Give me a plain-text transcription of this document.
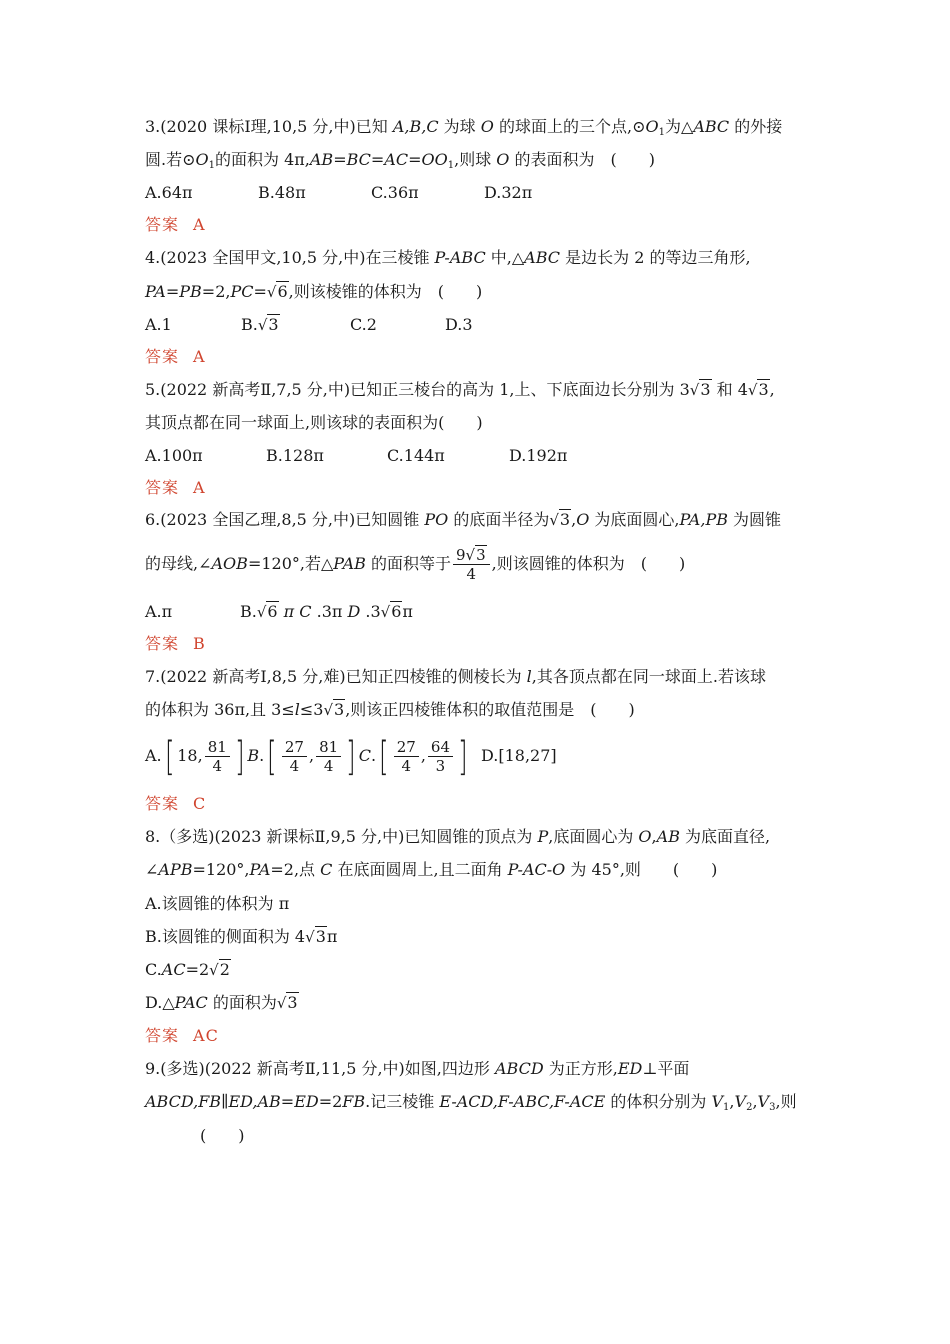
3.(2020 课标Ⅰ理,10,5 分,中)已知 A,B,C 为球 O 的球面上的三个点$,⊙O_1$为△ABC 的外接
圆.若$⊙O_1$的面积为 $4\pi,AB=BC=AC=OO_1$,则球 O 的表面积为　(　　)
A.64π	B.48π	C.36π	D.32π
答案 A
4.(2023 全国甲文,10,5 分,中)在三棱锥 P-ABC 中,△ABC 是边长为 2 的等边三角形,
PA=PB=2,PC=√6,则该棱锥的体积为　(　　)
A.1	B.√3	C.2	D.3
答案 A
5.(2022 新高考Ⅱ,7,5 分,中)已知正三棱台的高为 1,上、下底面边长分别为 3√3 和 4√3,
其顶点都在同一球面上,则该球的表面积为(　　)
A.100π	B.128π	C.144π	D.192π
答案 A
6.(2023 全国乙理,8,5 分,中)已知圆锥 PO 的底面半径为√3,O 为底面圆心,PA,PB 为圆锥
的母线,∠AOB=120°,若△PAB 的面积等于 $\frac{9√3}{4}$ ,则该圆锥的体积为　(　　)
A.π	B.√6 π C .3π D .3√6π
答案 B
7.(2022 新高考Ⅰ,8,5 分,难)已知正四棱锥的侧棱长为 l,其各顶点都在同一球面上.若该球
的体积为 36π,且 3≤l≤3√3,则该正四棱锥体积的取值范围是　(　　)
A.[ 18, $\frac{81}{4}$ ] $B.[ \frac{27}{4}$ , $\frac{81}{4}$ ] $C.[ \frac{27}{4}$ , $\frac{64}{3}$ ] D.[18,27]
答案 C
8.（多选)(2023 新课标Ⅱ,9,5 分,中)已知圆锥的顶点为 P,底面圆心为 O,AB 为底面直径,
∠APB=120°,PA=2,点 C 在底面圆周上,且二面角 P-AC-O 为 45°,则　　(　　)
A.该圆锥的体积为 π
B.该圆锥的侧面积为 4√3π
C.AC=2√2
D.△PAC 的面积为√3
答案 AC
9.(多选)(2022 新高考Ⅱ,11,5 分,中)如图,四边形 ABCD 为正方形,ED⊥平面
ABCD,FB∥ED,AB=ED=2FB.记三棱锥 E-ACD,F-ABC,F-ACE 的体积分别为 $V_1,V_2,V_3$,则
(　　)
